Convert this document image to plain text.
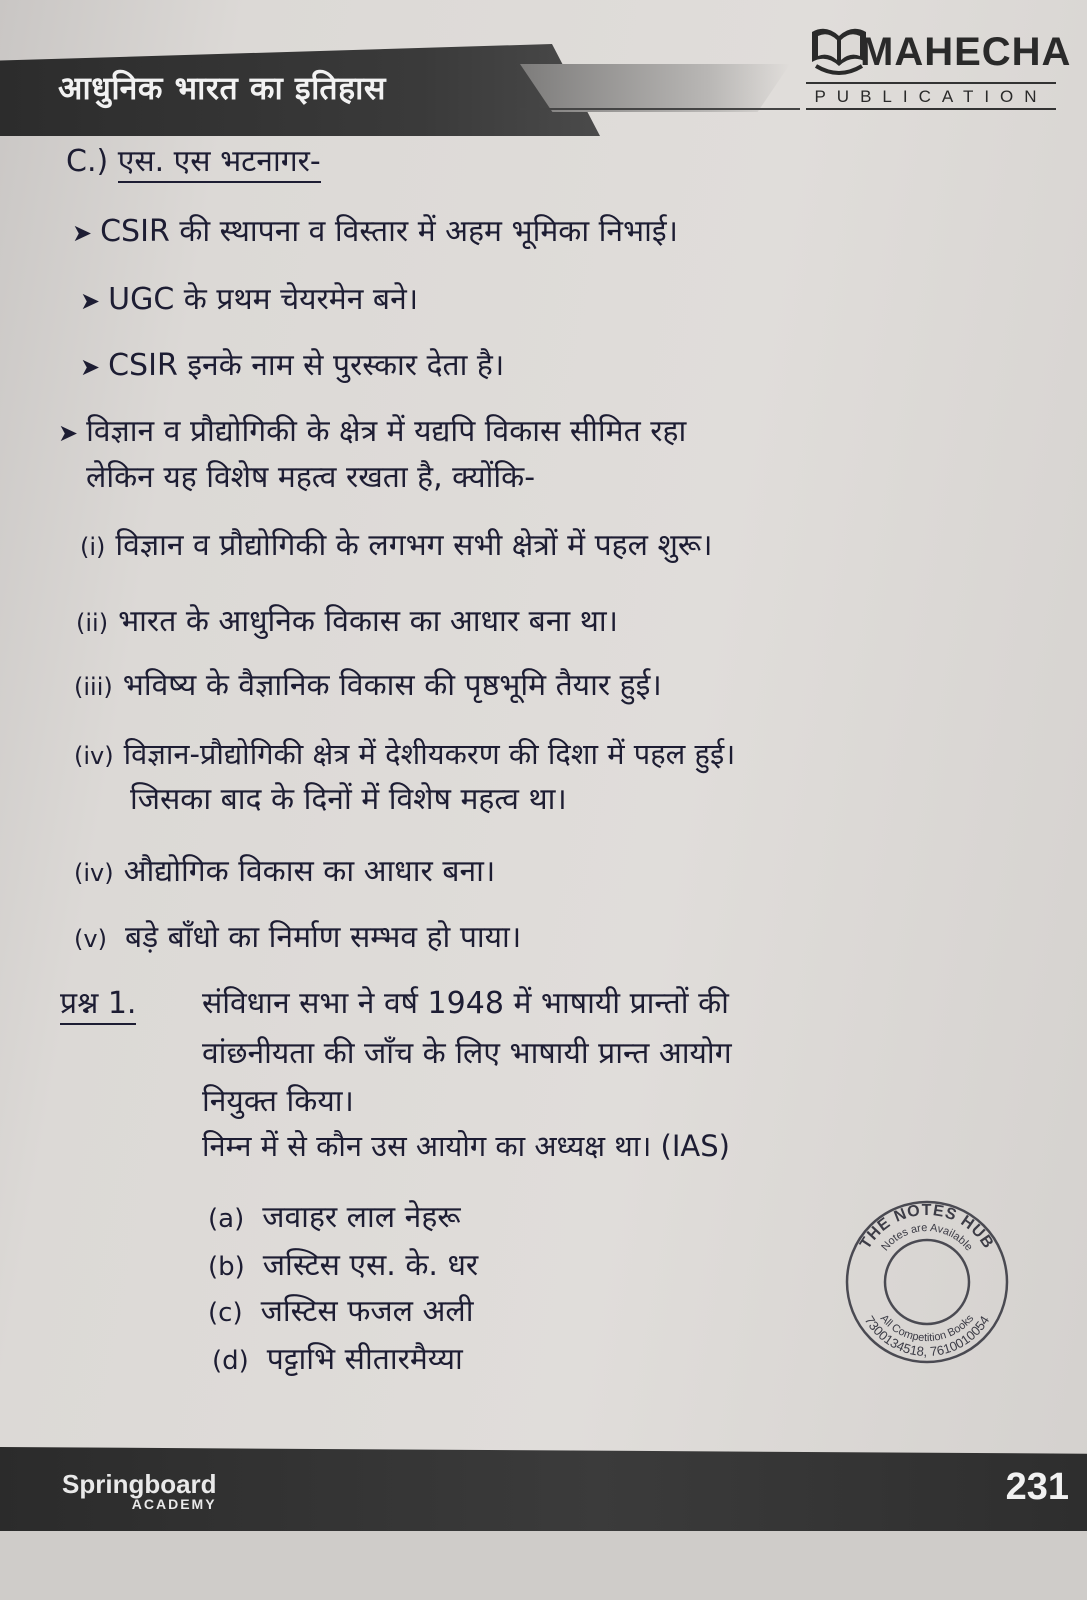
आधुनिक भारत का इतिहास
MAHECHA
PUBLICATION
C.) एस. एस भटनागर-
➤ CSIR की स्थापना व विस्तार में अहम भूमिका निभाई।
➤ UGC के प्रथम चेयरमेन बने।
➤ CSIR इनके नाम से पुरस्कार देता है।
➤ विज्ञान व प्रौद्योगिकी के क्षेत्र में यद्यपि विकास सीमित रहा
लेकिन यह विशेष महत्व रखता है, क्योंकि-
(i) विज्ञान व प्रौद्योगिकी के लगभग सभी क्षेत्रों में पहल शुरू।
(ii) भारत के आधुनिक विकास का आधार बना था।
(iii) भविष्य के वैज्ञानिक विकास की पृष्ठभूमि तैयार हुई।
(iv) विज्ञान-प्रौद्योगिकी क्षेत्र में देशीयकरण की दिशा में पहल हुई।
जिसका बाद के दिनों में विशेष महत्व था।
(iv) औद्योगिक विकास का आधार बना।
(v) बड़े बाँधो का निर्माण सम्भव हो पाया।
प्रश्न 1. संविधान सभा ने वर्ष 1948 में भाषायी प्रान्तों की
वांछनीयता की जाँच के लिए भाषायी प्रान्त आयोग
नियुक्त किया।
निम्न में से कौन उस आयोग का अध्यक्ष था। (IAS)
(a) जवाहर लाल नेहरू
(b) जस्टिस एस. के. धर
(c) जस्टिस फजल अली
(d) पट्टाभि सीतारमैय्या
THE NOTES HUB
Notes are Available
All Competition Books
7300134518, 7610010054
Springboard
ACADEMY	231
